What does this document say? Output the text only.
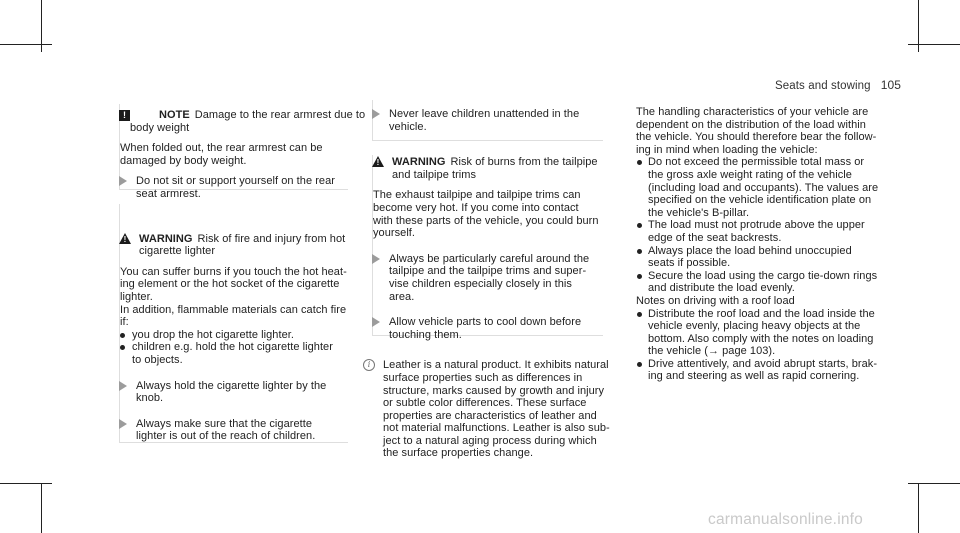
Seats and stowing 105
!	NOTE Damage to the rear armrest due to
body weight
When folded out, the rear armrest can be
damaged by body weight.
Do not sit or support yourself on the rear
seat armrest.
! WARNING Risk of fire and injury from hot
cigarette lighter
You can suffer burns if you touch the hot heat-
ing element or the hot socket of the cigarette
lighter.
In addition, flammable materials can catch fire
if:
you drop the hot cigarette lighter.
children e.g. hold the hot cigarette lighter
to objects.
Always hold the cigarette lighter by the
knob.
Always make sure that the cigarette
lighter is out of the reach of children.
Never leave children unattended in the
vehicle.
! WARNING Risk of burns from the tailpipe
and tailpipe trims
The exhaust tailpipe and tailpipe trims can
become very hot. If you come into contact
with these parts of the vehicle, you could burn
yourself.
Always be particularly careful around the
tailpipe and the tailpipe trims and super-
vise children especially closely in this
area.
Allow vehicle parts to cool down before
touching them.
i	Leather is a natural product. It exhibits natural
surface properties such as differences in
structure, marks caused by growth and injury
or subtle color differences. These surface
properties are characteristics of leather and
not material malfunctions. Leather is also sub-
ject to a natural aging process during which
the surface properties change.
The handling characteristics of your vehicle are
dependent on the distribution of the load within
the vehicle. You should therefore bear the follow-
ing in mind when loading the vehicle:
Do not exceed the permissible total mass or
the gross axle weight rating of the vehicle
(including load and occupants). The values are
specified on the vehicle identification plate on
the vehicle's B-pillar.
The load must not protrude above the upper
edge of the seat backrests.
Always place the load behind unoccupied
seats if possible.
Secure the load using the cargo tie-down rings
and distribute the load evenly.
Notes on driving with a roof load
Distribute the roof load and the load inside the
vehicle evenly, placing heavy objects at the
bottom. Also comply with the notes on loading
the vehicle (→ page 103).
Drive attentively, and avoid abrupt starts, brak-
ing and steering as well as rapid cornering.
carmanualsonline.info
